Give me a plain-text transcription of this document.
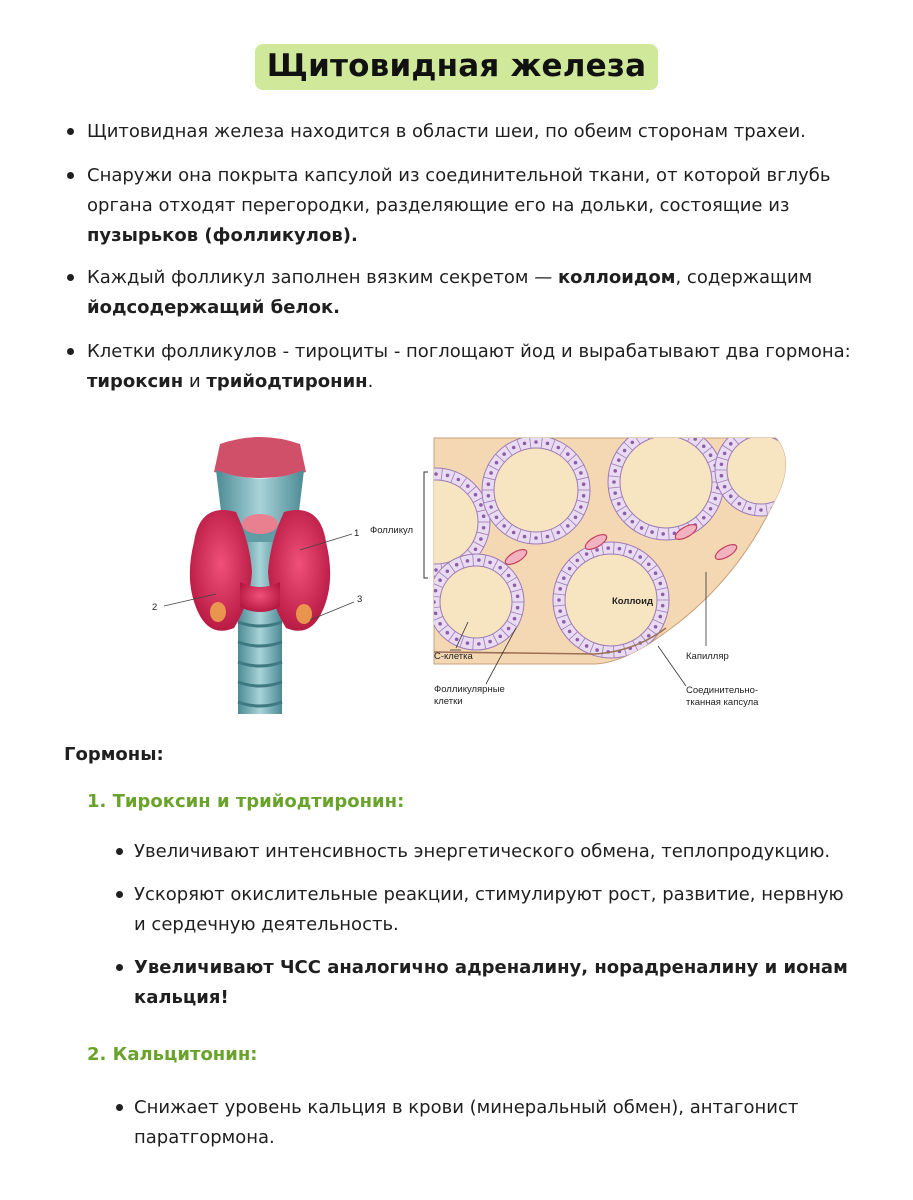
Щитовидная железа
Щитовидная железа находится в области шеи, по обеим сторонам трахеи.
Снаружи она покрыта капсулой из соединительной ткани, от которой вглубь
органа отходят перегородки, разделяющие его на дольки, состоящие из
пузырьков (фолликулов).
Каждый фолликул заполнен вязким секретом — коллоидом, содержащим
йодсодержащий белок.
Клетки фолликулов - тироциты - поглощают йод и вырабатывают два гормона:
тироксин и трийодтиронин.
1
2
3
Фолликул
Коллоид
С-клетка	Капилляр
Фолликулярные
клетки
Соединительно-
тканная капсула
Гормоны:
1. Тироксин и трийодтиронин:
Увеличивают интенсивность энергетического обмена, теплопродукцию.
Ускоряют окислительные реакции, стимулируют рост, развитие, нервную
и сердечную деятельность.
Увеличивают ЧСС аналогично адреналину, норадреналину и ионам
кальция!
2. Кальцитонин:
Снижает уровень кальция в крови (минеральный обмен), антагонист
паратгормона.
